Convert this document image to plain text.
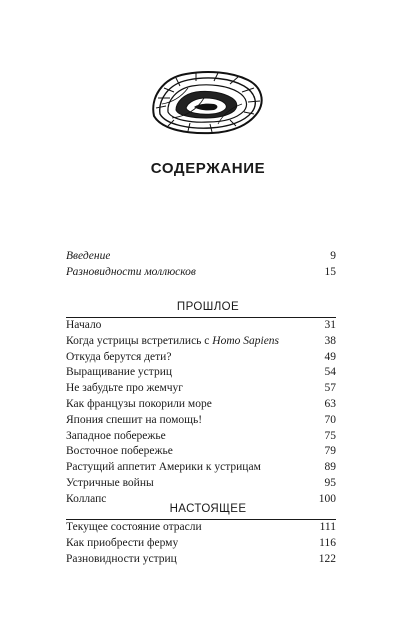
СОДЕРЖАНИЕ
Введение	9
Разновидности моллюсков	15
ПРОШЛОЕ
Начало	31
Когда устрицы встретились с Homo Sapiens	38
Откуда берутся дети?	49
Выращивание устриц	54
Не забудьте про жемчуг	57
Как французы покорили море	63
Япония спешит на помощь!	70
Западное побережье	75
Восточное побережье	79
Растущий аппетит Америки к устрицам	89
Устричные войны	95
Коллапс	100
НАСТОЯЩЕЕ
Текущее состояние отрасли	111
Как приобрести ферму	116
Разновидности устриц	122
